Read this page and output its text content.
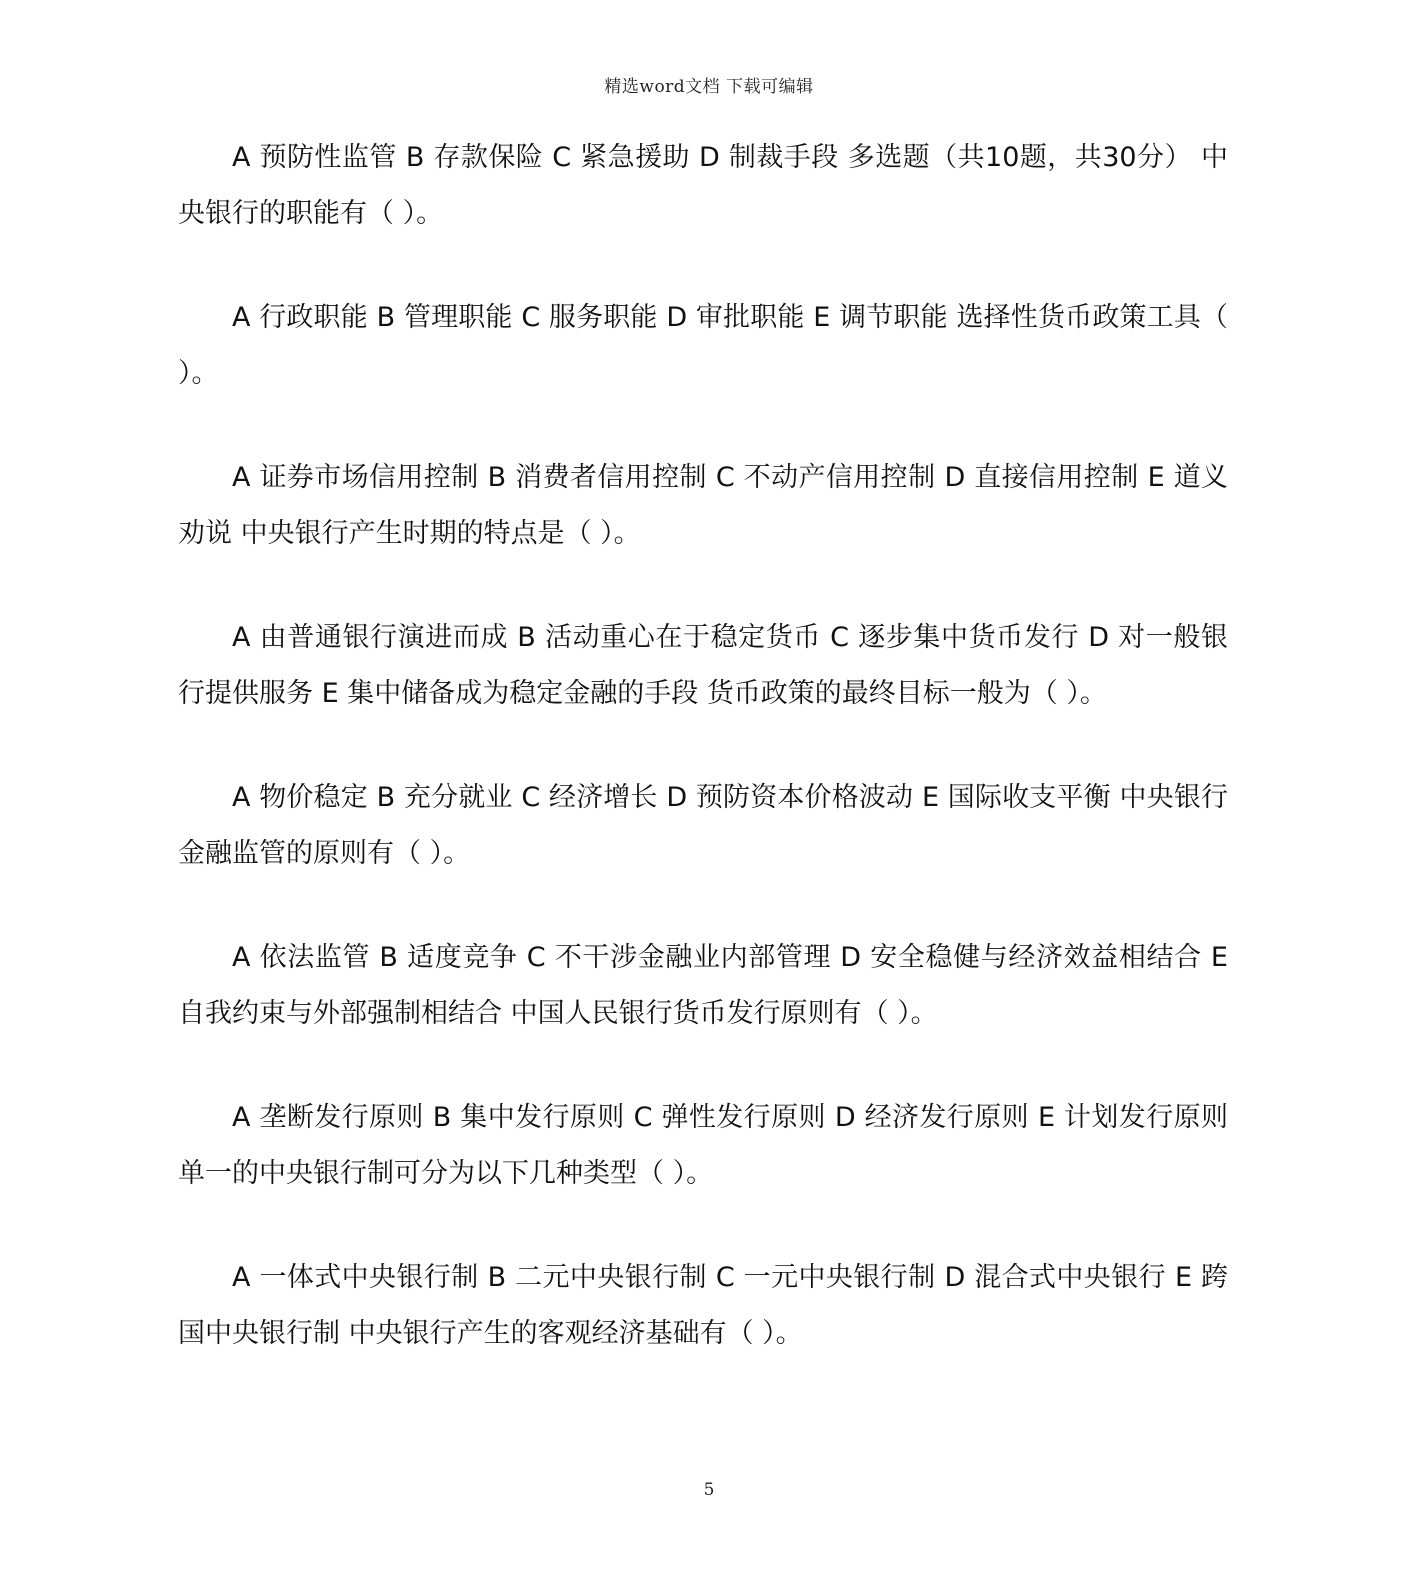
精选word文档 下载可编辑

A 预防性监管 B 存款保险 C 紧急援助 D 制裁手段 多选题（共10题，共30分） 中央银行的职能有（ ）。

A 行政职能 B 管理职能 C 服务职能 D 审批职能 E 调节职能 选择性货币政策工具（ ）。

A 证券市场信用控制 B 消费者信用控制 C 不动产信用控制 D 直接信用控制 E 道义劝说 中央银行产生时期的特点是（ ）。

A 由普通银行演进而成 B 活动重心在于稳定货币 C 逐步集中货币发行 D 对一般银行提供服务 E 集中储备成为稳定金融的手段 货币政策的最终目标一般为（ ）。

A 物价稳定 B 充分就业 C 经济增长 D 预防资本价格波动 E 国际收支平衡 中央银行金融监管的原则有（ ）。

A 依法监管 B 适度竞争 C 不干涉金融业内部管理 D 安全稳健与经济效益相结合 E 自我约束与外部强制相结合 中国人民银行货币发行原则有（ ）。

A 垄断发行原则 B 集中发行原则 C 弹性发行原则 D 经济发行原则 E 计划发行原则 单一的中央银行制可分为以下几种类型（ ）。

A 一体式中央银行制 B 二元中央银行制 C 一元中央银行制 D 混合式中央银行 E 跨国中央银行制 中央银行产生的客观经济基础有（ ）。

5
